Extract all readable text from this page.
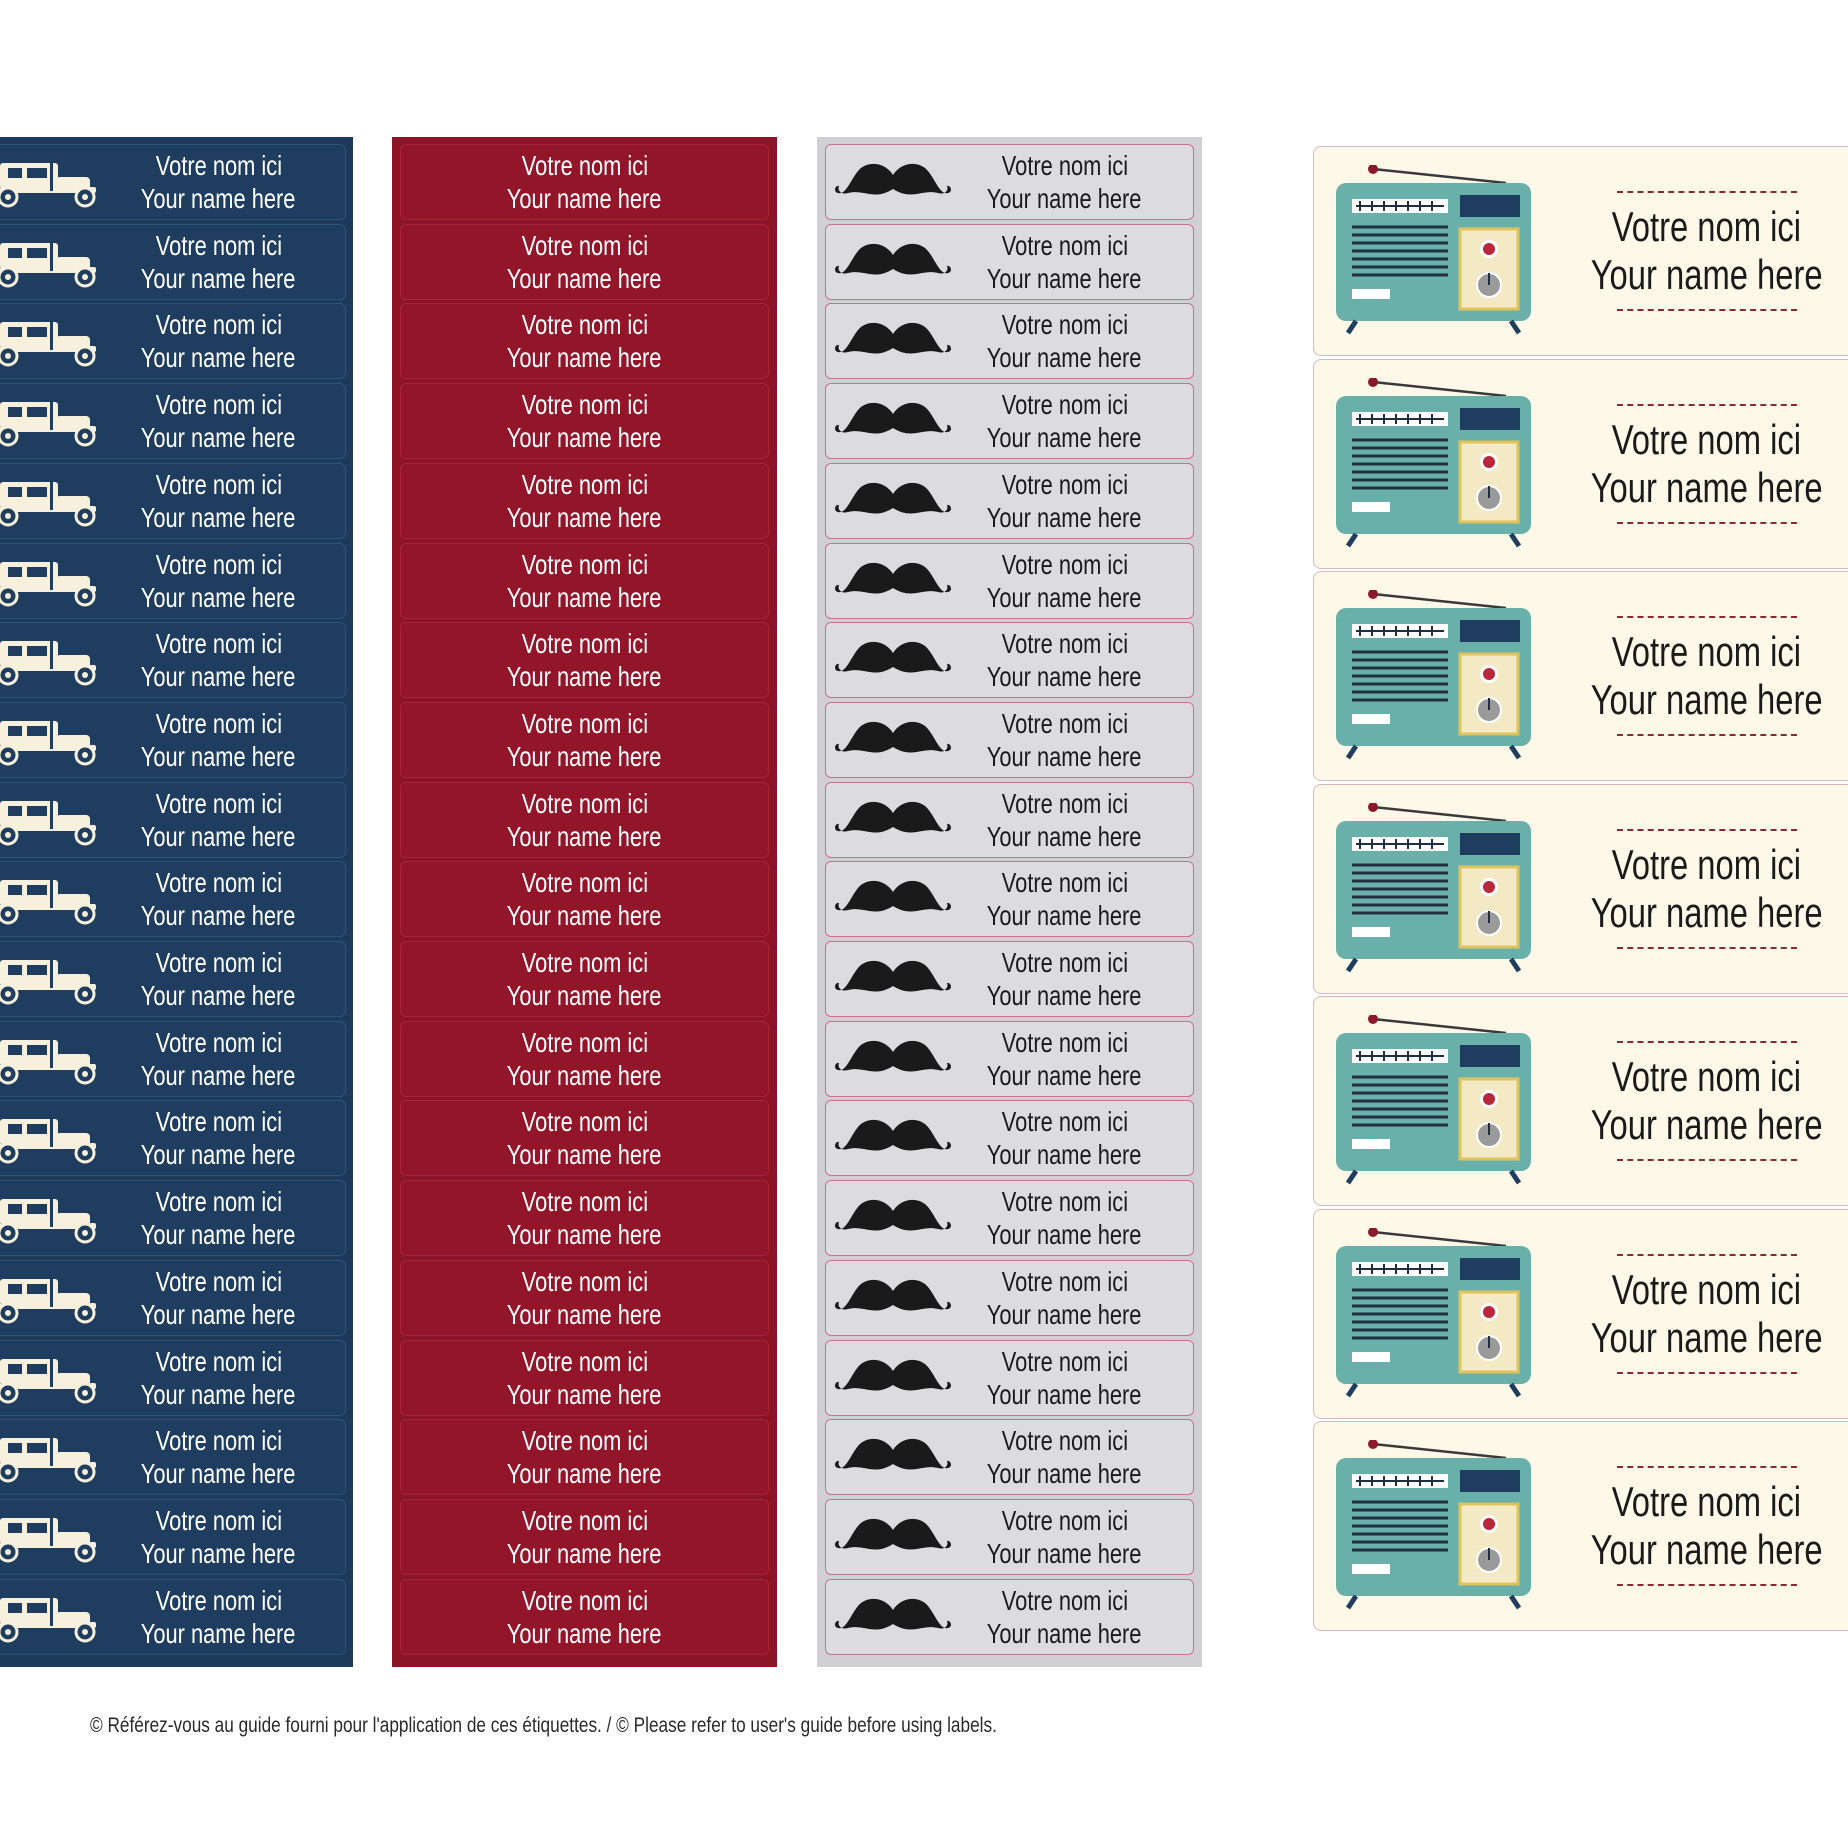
Votre nom ici
Your name here
Votre nom ici
Your name here
Votre nom ici
Your name here
Votre nom ici
Your name here
Votre nom ici
Your name here
Votre nom ici
Your name here
Votre nom ici
Your name here
Votre nom ici
Your name here
Votre nom ici
Your name here
Votre nom ici
Your name here
Votre nom ici
Your name here
Votre nom ici
Your name here
Votre nom ici
Your name here
Votre nom ici
Your name here
Votre nom ici
Your name here
Votre nom ici
Your name here
Votre nom ici
Your name here
Votre nom ici
Your name here
Votre nom ici
Your name here
Votre nom ici
Your name here
Votre nom ici
Your name here
Votre nom ici
Your name here
Votre nom ici
Your name here
Votre nom ici
Your name here
Votre nom ici
Your name here
Votre nom ici
Your name here
Votre nom ici
Your name here
Votre nom ici
Your name here
Votre nom ici
Your name here
Votre nom ici
Your name here
Votre nom ici
Your name here
Votre nom ici
Your name here
Votre nom ici
Your name here
Votre nom ici
Your name here
Votre nom ici
Your name here
Votre nom ici
Your name here
Votre nom ici
Your name here
Votre nom ici
Your name here
Votre nom ici
Your name here
Votre nom ici
Your name here
Votre nom ici
Your name here
Votre nom ici
Your name here
Votre nom ici
Your name here
Votre nom ici
Your name here
Votre nom ici
Your name here
Votre nom ici
Your name here
Votre nom ici
Your name here
Votre nom ici
Your name here
Votre nom ici
Your name here
Votre nom ici
Your name here
Votre nom ici
Your name here
Votre nom ici
Your name here
Votre nom ici
Your name here
Votre nom ici
Your name here
Votre nom ici
Your name here
Votre nom ici
Your name here
Votre nom ici
Your name here
Votre nom ici
Your name here
Votre nom ici
Your name here
Votre nom ici
Your name here
Votre nom ici
Your name here
Votre nom ici
Your name here
Votre nom ici
Your name here
Votre nom ici
Your name here
© Référez-vous au guide fourni pour l'application de ces étiquettes. / © Please refer to user's guide before using labels.
